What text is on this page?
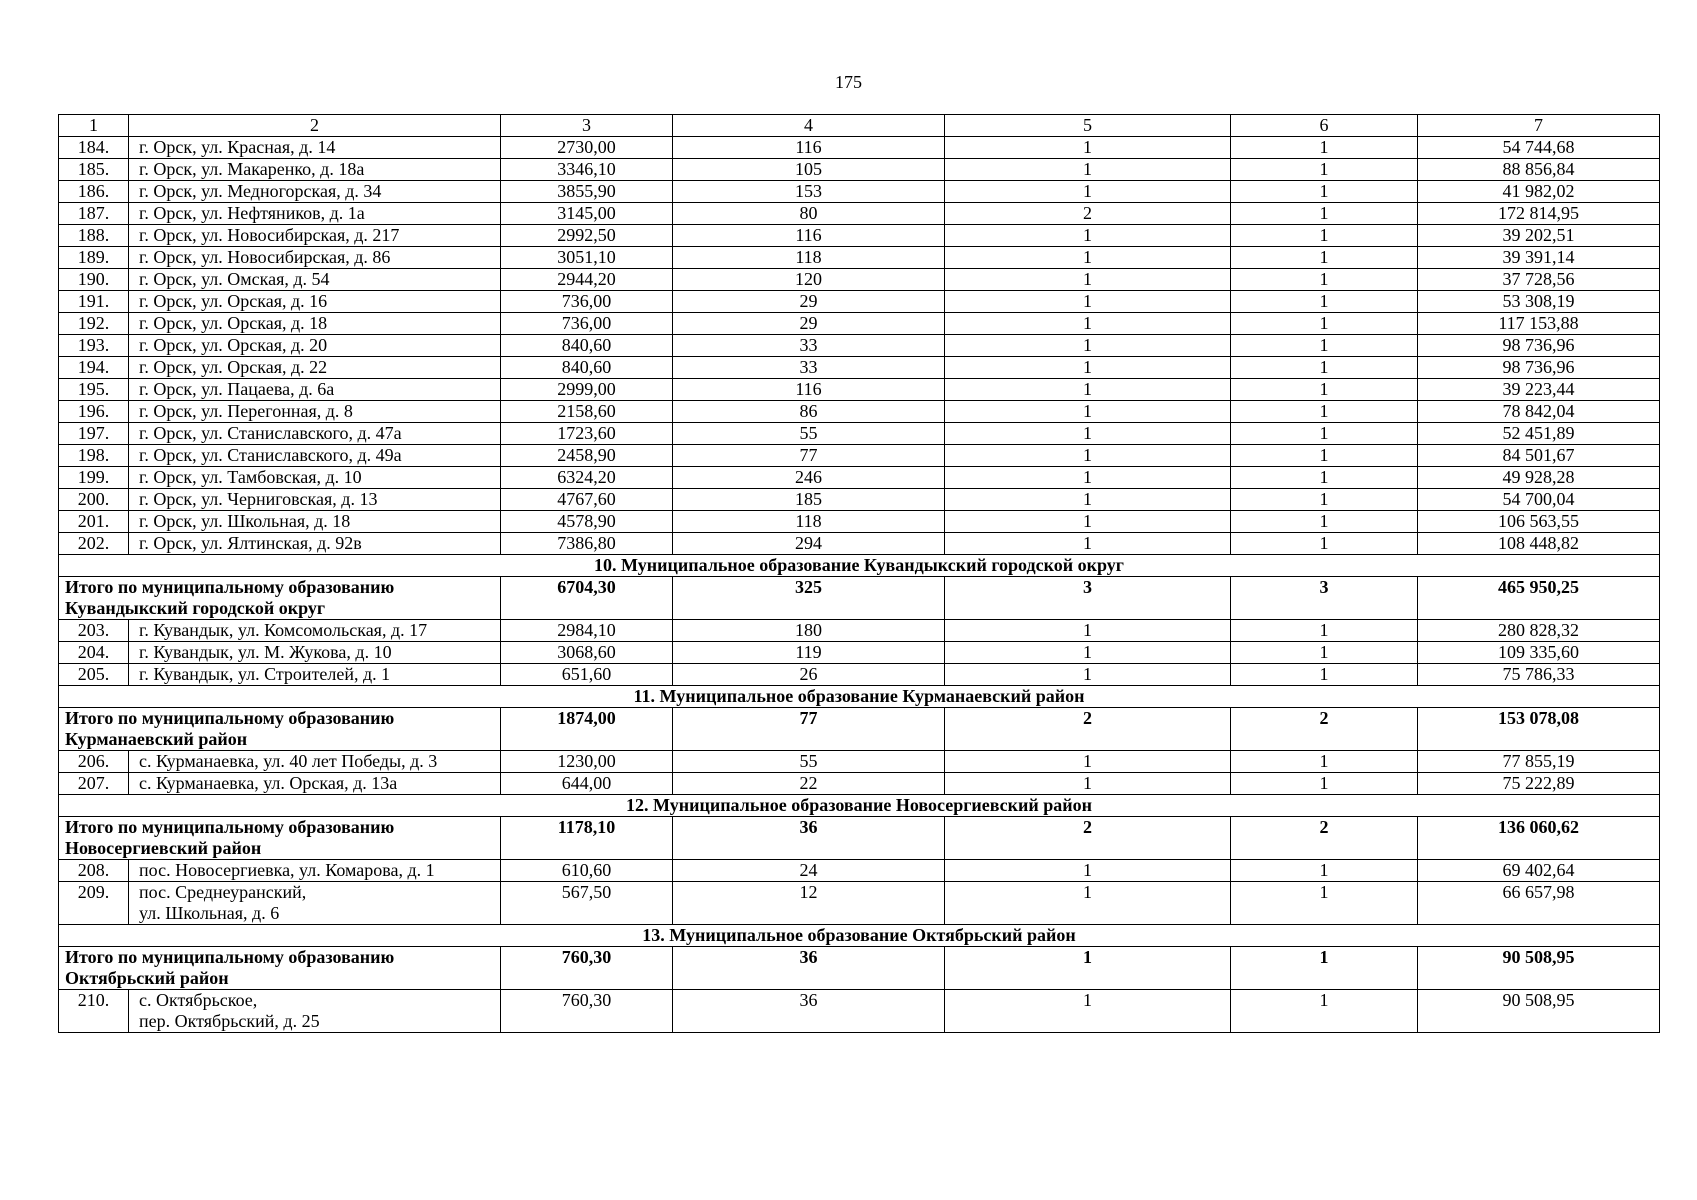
175
1	2	3	4	5	6	7
184.	г. Орск, ул. Красная, д. 14	2730,00	116	1	1	54 744,68
185.	г. Орск, ул. Макаренко, д. 18а	3346,10	105	1	1	88 856,84
186.	г. Орск, ул. Медногорская, д. 34	3855,90	153	1	1	41 982,02
187.	г. Орск, ул. Нефтяников, д. 1а	3145,00	80	2	1	172 814,95
188.	г. Орск, ул. Новосибирская, д. 217	2992,50	116	1	1	39 202,51
189.	г. Орск, ул. Новосибирская, д. 86	3051,10	118	1	1	39 391,14
190.	г. Орск, ул. Омская, д. 54	2944,20	120	1	1	37 728,56
191.	г. Орск, ул. Орская, д. 16	736,00	29	1	1	53 308,19
192.	г. Орск, ул. Орская, д. 18	736,00	29	1	1	117 153,88
193.	г. Орск, ул. Орская, д. 20	840,60	33	1	1	98 736,96
194.	г. Орск, ул. Орская, д. 22	840,60	33	1	1	98 736,96
195.	г. Орск, ул. Пацаева, д. 6а	2999,00	116	1	1	39 223,44
196.	г. Орск, ул. Перегонная, д. 8	2158,60	86	1	1	78 842,04
197.	г. Орск, ул. Станиславского, д. 47а	1723,60	55	1	1	52 451,89
198.	г. Орск, ул. Станиславского, д. 49а	2458,90	77	1	1	84 501,67
199.	г. Орск, ул. Тамбовская, д. 10	6324,20	246	1	1	49 928,28
200.	г. Орск, ул. Черниговская, д. 13	4767,60	185	1	1	54 700,04
201.	г. Орск, ул. Школьная, д. 18	4578,90	118	1	1	106 563,55
202.	г. Орск, ул. Ялтинская, д. 92в	7386,80	294	1	1	108 448,82
10. Муниципальное образование Кувандыкский городской округ						
Итого по муниципальному образованию
Кувандыкский городской округ		6704,30	325	3	3	465 950,25
203.	г. Кувандык, ул. Комсомольская, д. 17	2984,10	180	1	1	280 828,32
204.	г. Кувандык, ул. М. Жукова, д. 10	3068,60	119	1	1	109 335,60
205.	г. Кувандык, ул. Строителей, д. 1	651,60	26	1	1	75 786,33
11. Муниципальное образование Курманаевский район						
Итого по муниципальному образованию
Курманаевский район		1874,00	77	2	2	153 078,08
206.	с. Курманаевка, ул. 40 лет Победы, д. 3	1230,00	55	1	1	77 855,19
207.	с. Курманаевка, ул. Орская, д. 13а	644,00	22	1	1	75 222,89
12. Муниципальное образование Новосергиевский район						
Итого по муниципальному образованию
Новосергиевский район		1178,10	36	2	2	136 060,62
208.	пос. Новосергиевка, ул. Комарова, д. 1	610,60	24	1	1	69 402,64
209.	пос. Среднеуранский,
ул. Школьная, д. 6	567,50	12	1	1	66 657,98
13. Муниципальное образование Октябрьский район						
Итого по муниципальному образованию
Октябрьский район		760,30	36	1	1	90 508,95
210.	с. Октябрьское,
пер. Октябрьский, д. 25	760,30	36	1	1	90 508,95
